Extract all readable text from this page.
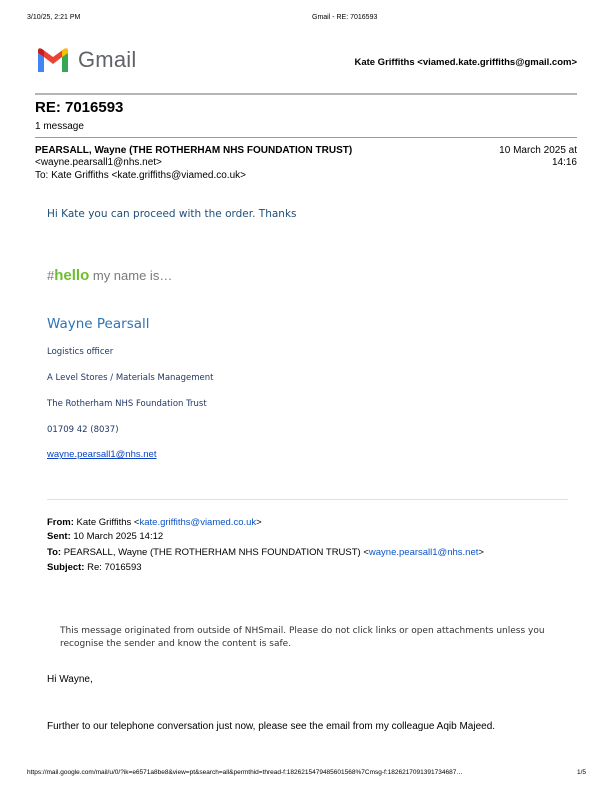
3/10/25, 2:21 PM	Gmail - RE: 7016593
Gmail	Kate Griffiths <viamed.kate.griffiths@gmail.com>
RE: 7016593
1 message
PEARSALL, Wayne (THE ROTHERHAM NHS FOUNDATION TRUST)
<wayne.pearsall1@nhs.net>
To: Kate Griffiths <kate.griffiths@viamed.co.uk>
10 March 2025 at
14:16
Hi Kate you can proceed with the order. Thanks
#hello my name is…
Wayne Pearsall
Logistics officer
A Level Stores / Materials Management
The Rotherham NHS Foundation Trust
01709 42 (8037)
wayne.pearsall1@nhs.net
From: Kate Griffiths <kate.griffiths@viamed.co.uk>
Sent: 10 March 2025 14:12
To: PEARSALL, Wayne (THE ROTHERHAM NHS FOUNDATION TRUST) <wayne.pearsall1@nhs.net>
Subject: Re: 7016593
This message originated from outside of NHSmail. Please do not click links or open attachments unless you recognise the sender and know the content is safe.
Hi Wayne,
Further to our telephone conversation just now, please see the email from my colleague Aqib Majeed.
https://mail.google.com/mail/u/0/?ik=e6571a8be8&view=pt&search=all&permthid=thread-f:1826215479485601568%7Cmsg-f:1826217091391734687…	1/5
